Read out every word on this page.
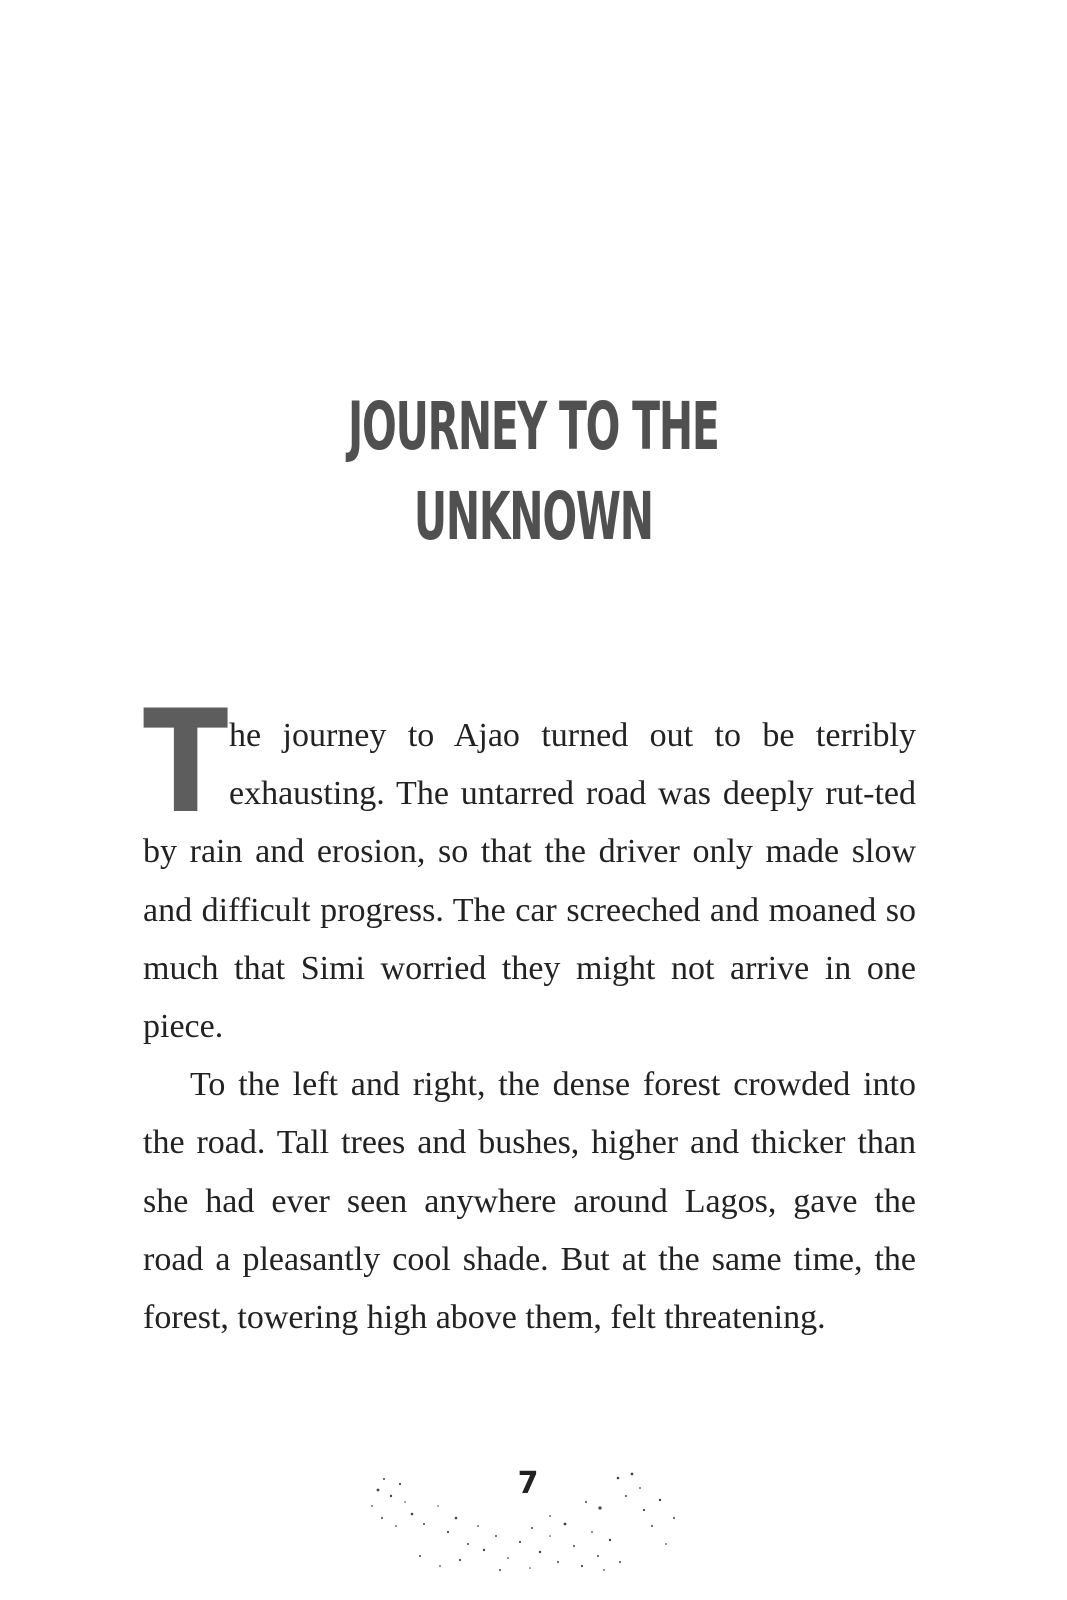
JOURNEY TO THE
UNKNOWN

The journey to Ajao turned out to be terribly exhausting. The untarred road was deeply rut-ted by rain and erosion, so that the driver only made slow and difficult progress. The car screeched and moaned so much that Simi worried they might not arrive in one piece.

To the left and right, the dense forest crowded into the road. Tall trees and bushes, higher and thicker than she had ever seen anywhere around Lagos, gave the road a pleasantly cool shade. But at the same time, the forest, towering high above them, felt threatening.

7
